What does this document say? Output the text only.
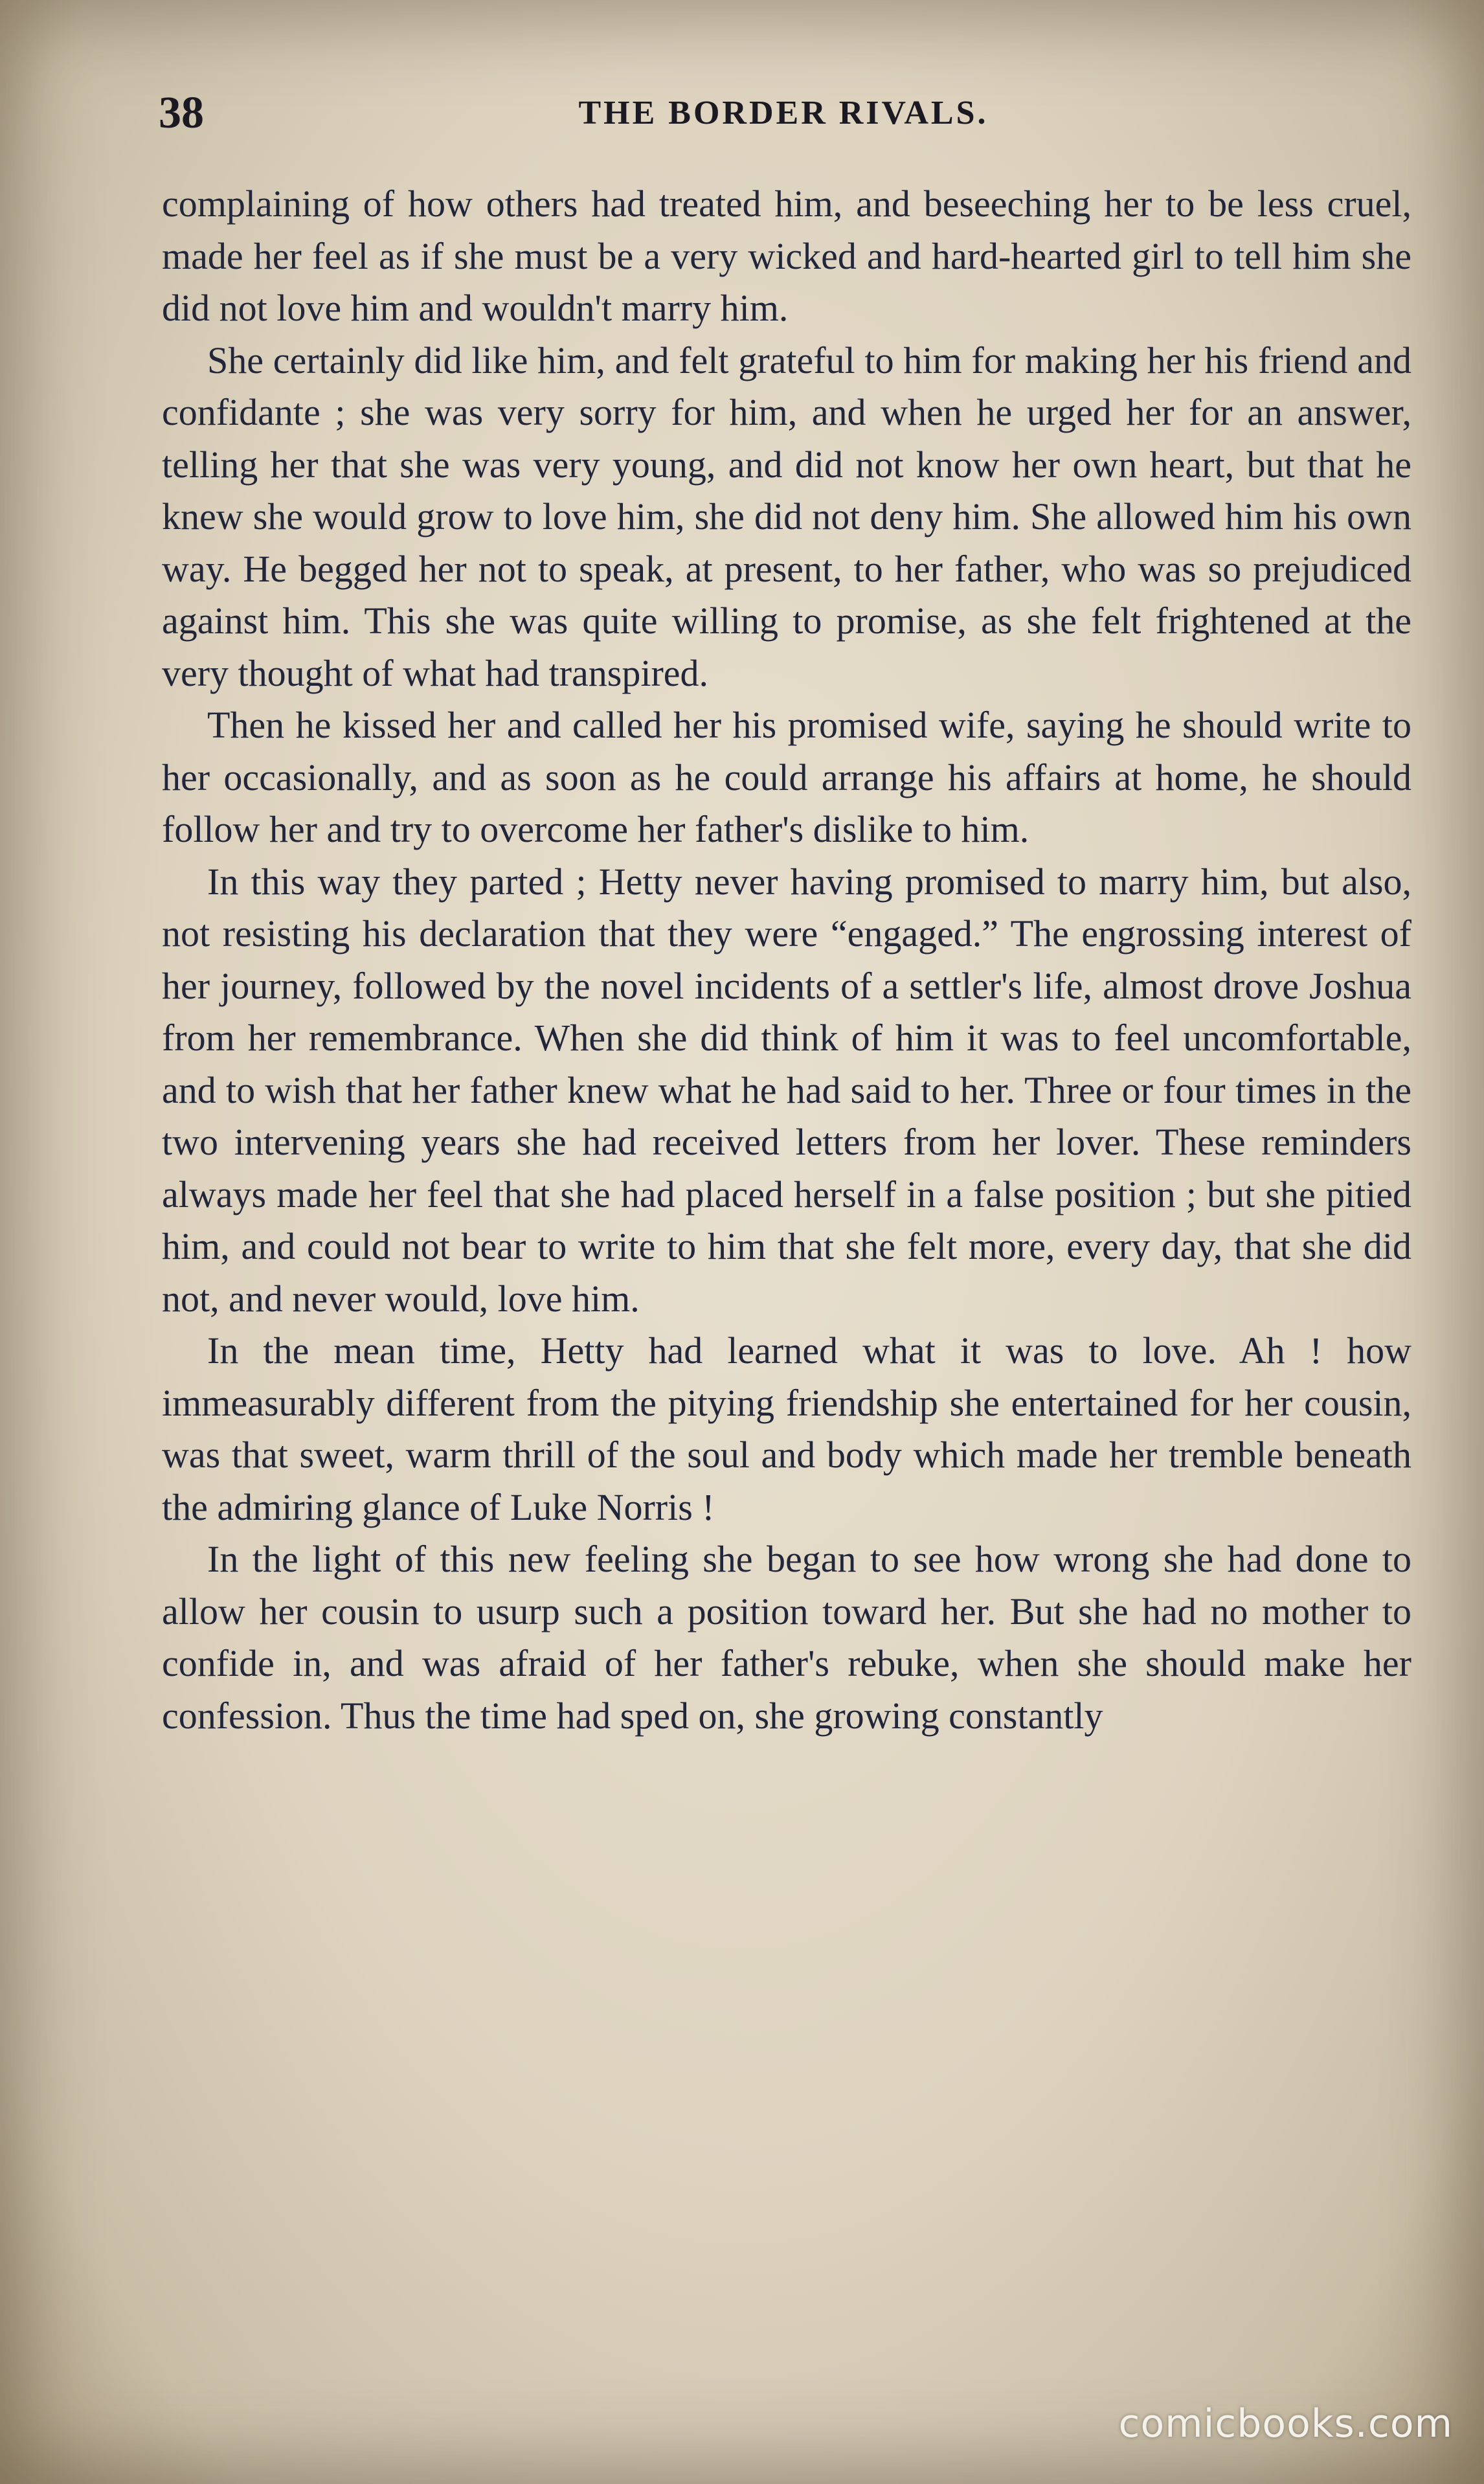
38	THE BORDER RIVALS.

complaining of how others had treated him, and beseeching her to be less cruel, made her feel as if she must be a very wicked and hard-hearted girl to tell him she did not love him and wouldn't marry him.

She certainly did like him, and felt grateful to him for making her his friend and confidante ; she was very sorry for him, and when he urged her for an answer, telling her that she was very young, and did not know her own heart, but that he knew she would grow to love him, she did not deny him. She allowed him his own way. He begged her not to speak, at present, to her father, who was so prejudiced against him. This she was quite willing to promise, as she felt frightened at the very thought of what had transpired.

Then he kissed her and called her his promised wife, saying he should write to her occasionally, and as soon as he could arrange his affairs at home, he should follow her and try to overcome her father's dislike to him.

In this way they parted ; Hetty never having promised to marry him, but also, not resisting his declaration that they were “engaged.” The engrossing interest of her journey, followed by the novel incidents of a settler's life, almost drove Joshua from her remembrance. When she did think of him it was to feel uncomfortable, and to wish that her father knew what he had said to her. Three or four times in the two intervening years she had received letters from her lover. These reminders always made her feel that she had placed herself in a false position ; but she pitied him, and could not bear to write to him that she felt more, every day, that she did not, and never would, love him.

In the mean time, Hetty had learned what it was to love. Ah ! how immeasurably different from the pitying friendship she entertained for her cousin, was that sweet, warm thrill of the soul and body which made her tremble beneath the admiring glance of Luke Norris !

In the light of this new feeling she began to see how wrong she had done to allow her cousin to usurp such a position toward her. But she had no mother to confide in, and was afraid of her father's rebuke, when she should make her confession. Thus the time had sped on, she growing constantly

comicbooks.com
